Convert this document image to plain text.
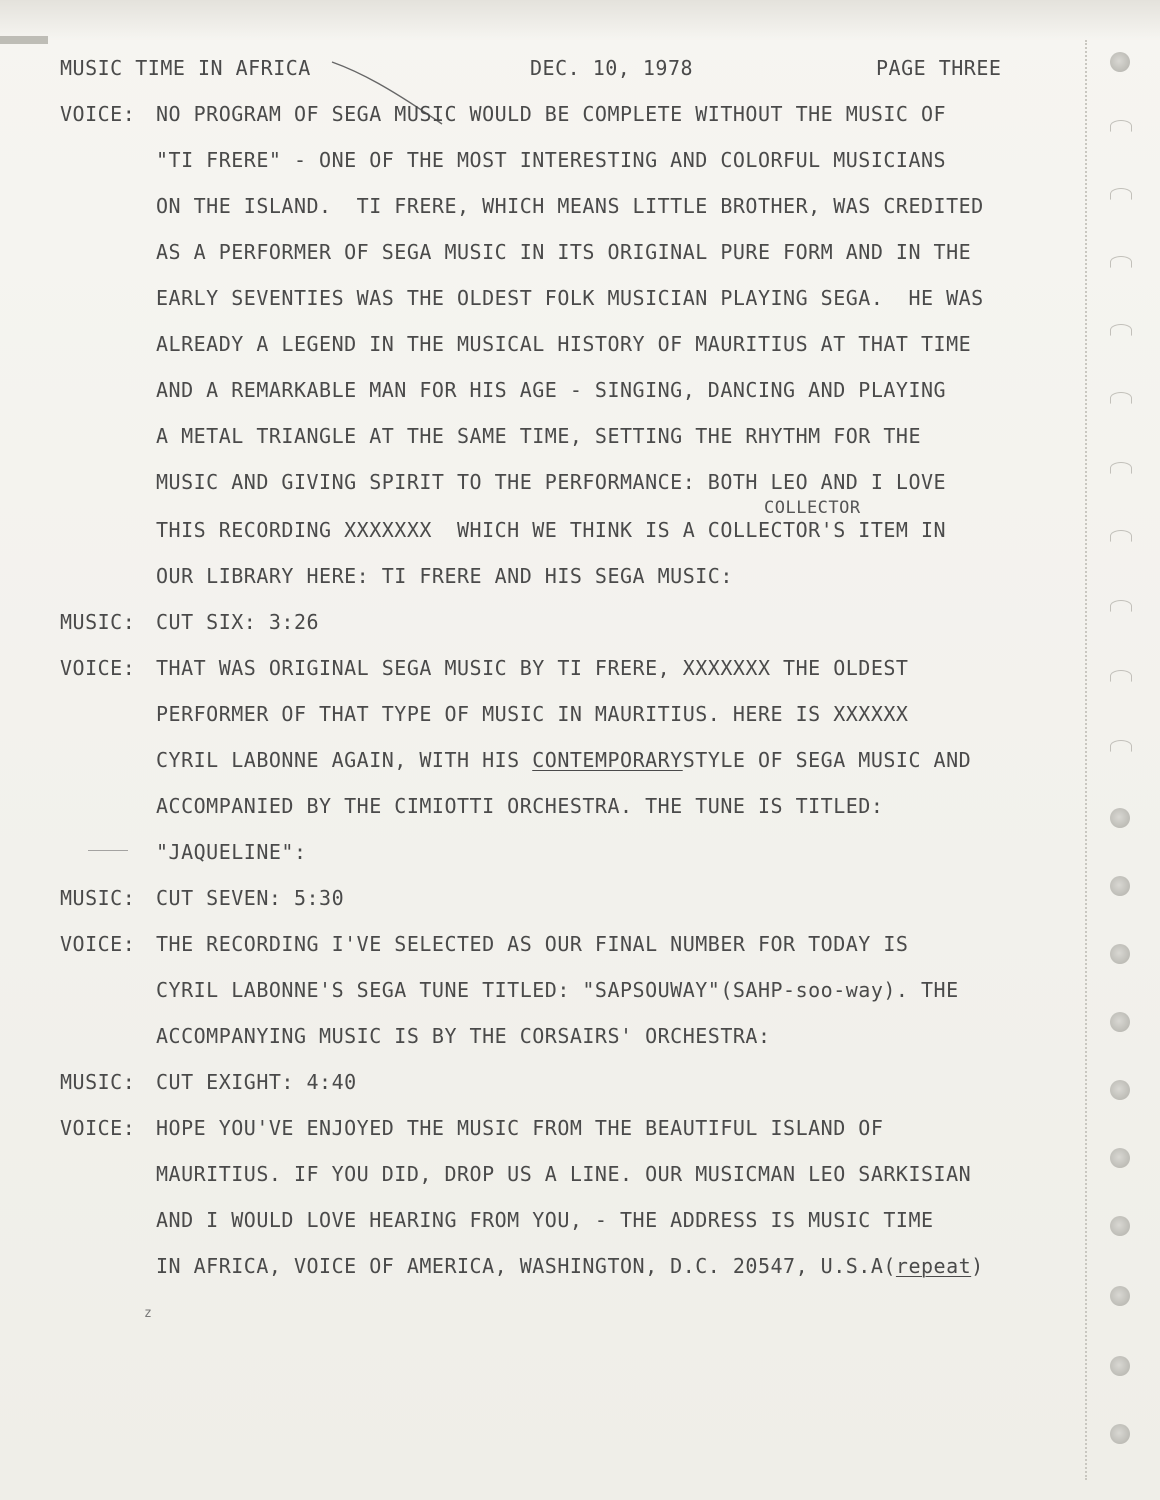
MUSIC TIME IN AFRICA	DEC. 10, 1978	PAGE THREE
VOICE: NO PROGRAM OF SEGA MUSIC WOULD BE COMPLETE WITHOUT THE MUSIC OF
"TI FRERE" - ONE OF THE MOST INTERESTING AND COLORFUL MUSICIANS
ON THE ISLAND.  TI FRERE, WHICH MEANS LITTLE BROTHER, WAS CREDITED
AS A PERFORMER OF SEGA MUSIC IN ITS ORIGINAL PURE FORM AND IN THE
EARLY SEVENTIES WAS THE OLDEST FOLK MUSICIAN PLAYING SEGA.  HE WAS
ALREADY A LEGEND IN THE MUSICAL HISTORY OF MAURITIUS AT THAT TIME
AND A REMARKABLE MAN FOR HIS AGE - SINGING, DANCING AND PLAYING
A METAL TRIANGLE AT THE SAME TIME, SETTING THE RHYTHM FOR THE
MUSIC AND GIVING SPIRIT TO THE PERFORMANCE: BOTH LEO AND I LOVE
COLLECTOR
THIS RECORDING XXXXXXX  WHICH WE THINK IS A COLLECTOR'S ITEM IN
OUR LIBRARY HERE: TI FRERE AND HIS SEGA MUSIC:
MUSIC: CUT SIX: 3:26
VOICE: THAT WAS ORIGINAL SEGA MUSIC BY TI FRERE, XXXXXXX THE OLDEST
PERFORMER OF THAT TYPE OF MUSIC IN MAURITIUS. HERE IS XXXXXX
CYRIL LABONNE AGAIN, WITH HIS CONTEMPORARYSTYLE OF SEGA MUSIC AND
ACCOMPANIED BY THE CIMIOTTI ORCHESTRA. THE TUNE IS TITLED:
"JAQUELINE":
MUSIC: CUT SEVEN: 5:30
VOICE: THE RECORDING I'VE SELECTED AS OUR FINAL NUMBER FOR TODAY IS
CYRIL LABONNE'S SEGA TUNE TITLED: "SAPSOUWAY"(SAHP-soo-way). THE
ACCOMPANYING MUSIC IS BY THE CORSAIRS' ORCHESTRA:
MUSIC: CUT EXIGHT: 4:40
VOICE: HOPE YOU'VE ENJOYED THE MUSIC FROM THE BEAUTIFUL ISLAND OF
MAURITIUS. IF YOU DID, DROP US A LINE. OUR MUSICMAN LEO SARKISIAN
AND I WOULD LOVE HEARING FROM YOU, - THE ADDRESS IS MUSIC TIME
IN AFRICA, VOICE OF AMERICA, WASHINGTON, D.C. 20547, U.S.A(repeat)
z
